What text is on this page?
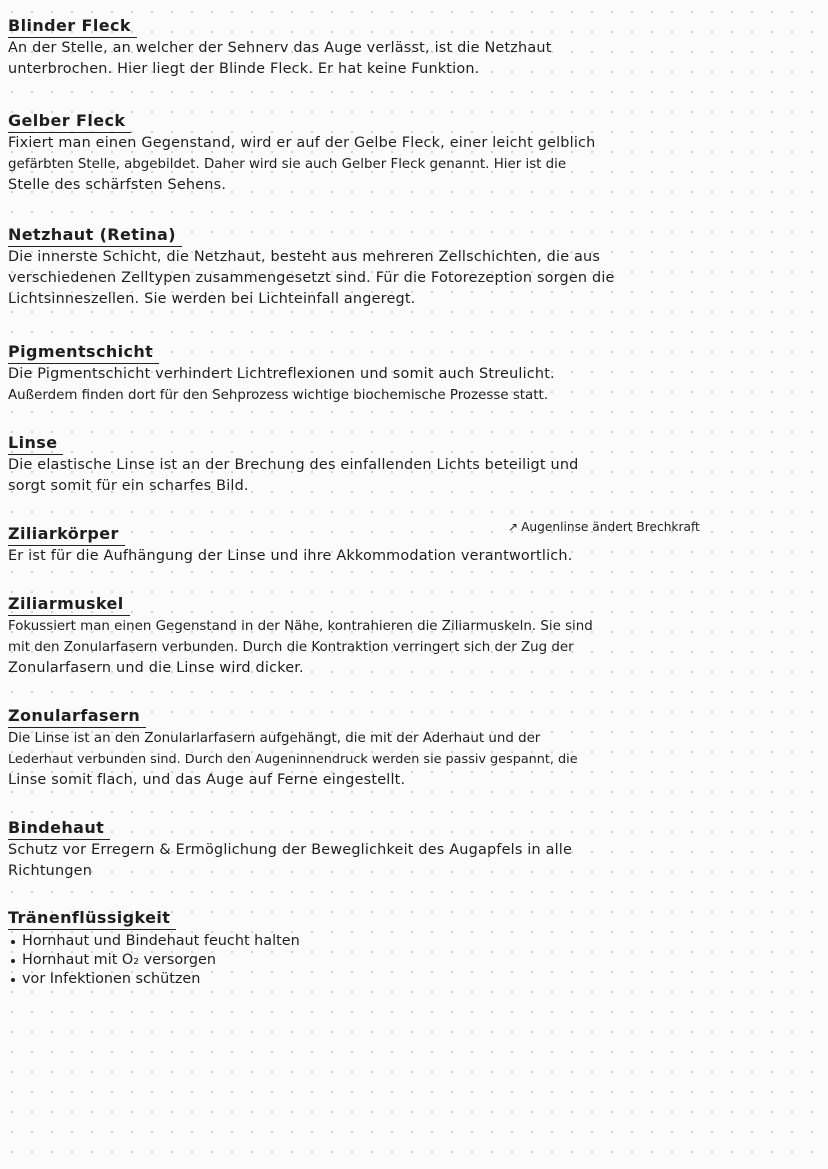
Blinder Fleck

An der Stelle, an welcher der Sehnerv das Auge verlässt, ist die Netzhaut

unterbrochen. Hier liegt der Blinde Fleck. Er hat keine Funktion.

Gelber Fleck

Fixiert man einen Gegenstand, wird er auf der Gelbe Fleck, einer leicht gelblich

gefärbten Stelle, abgebildet. Daher wird sie auch Gelber Fleck genannt. Hier ist die

Stelle des schärfsten Sehens.

Netzhaut (Retina)

Die innerste Schicht, die Netzhaut, besteht aus mehreren Zellschichten, die aus

verschiedenen Zelltypen zusammengesetzt sind. Für die Fotorezeption sorgen die

Lichtsinneszellen. Sie werden bei Lichteinfall angeregt.

Pigmentschicht

Die Pigmentschicht verhindert Lichtreflexionen und somit auch Streulicht.

Außerdem finden dort für den Sehprozess wichtige biochemische Prozesse statt.

Linse

Die elastische Linse ist an der Brechung des einfallenden Lichts beteiligt und

sorgt somit für ein scharfes Bild.

↗ Augenlinse ändert Brechkraft
Ziliarkörper

Er ist für die Aufhängung der Linse und ihre Akkommodation verantwortlich.

Ziliarmuskel

Fokussiert man einen Gegenstand in der Nähe, kontrahieren die Ziliarmuskeln. Sie sind

mit den Zonularfasern verbunden. Durch die Kontraktion verringert sich der Zug der

Zonularfasern und die Linse wird dicker.

Zonularfasern

Die Linse ist an den Zonularlarfasern aufgehängt, die mit der Aderhaut und der

Lederhaut verbunden sind. Durch den Augeninnendruck werden sie passiv gespannt, die

Linse somit flach, und das Auge auf Ferne eingestellt.

Bindehaut

Schutz vor Erregern & Ermöglichung der Beweglichkeit des Augapfels in alle

Richtungen

Tränenflüssigkeit
Hornhaut und Bindehaut feucht halten
Hornhaut mit O₂ versorgen
vor Infektionen schützen
